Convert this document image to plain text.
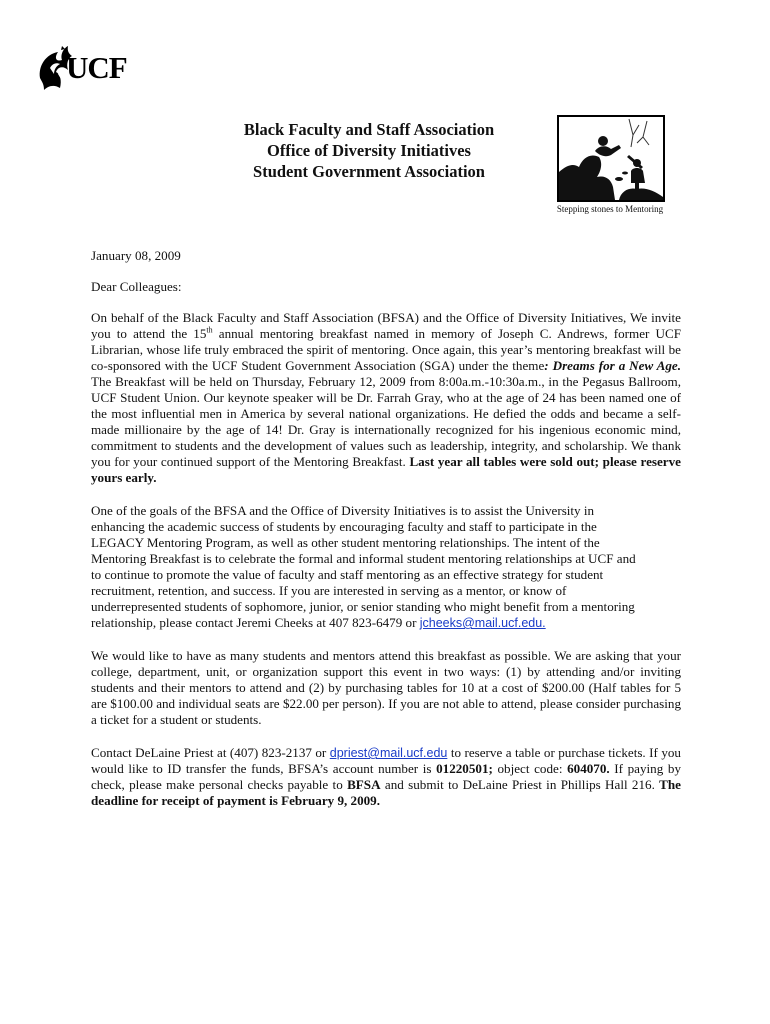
UCF
Black Faculty and Staff Association
Office of Diversity Initiatives
Student Government Association
Stepping stones to Mentoring

January 08, 2009

Dear Colleagues:

On behalf of the Black Faculty and Staff Association (BFSA) and the Office of Diversity Initiatives, We invite you to attend the 15th annual mentoring breakfast named in memory of Joseph C. Andrews, former UCF Librarian, whose life truly embraced the spirit of mentoring. Once again, this year’s mentoring breakfast will be co-sponsored with the UCF Student Government Association (SGA) under the theme: Dreams for a New Age. The Breakfast will be held on Thursday, February 12, 2009 from 8:00a.m.-10:30a.m., in the Pegasus Ballroom, UCF Student Union. Our keynote speaker will be Dr. Farrah Gray, who at the age of 24 has been named one of the most influential men in America by several national organizations. He defied the odds and became a self-made millionaire by the age of 14! Dr. Gray is internationally recognized for his ingenious economic mind, commitment to students and the development of values such as leadership, integrity, and scholarship. We thank you for your continued support of the Mentoring Breakfast. Last year all tables were sold out; please reserve yours early.

One of the goals of the BFSA and the Office of Diversity Initiatives is to assist the University in
enhancing the academic success of students by encouraging faculty and staff to participate in the
LEGACY Mentoring Program, as well as other student mentoring relationships. The intent of the
Mentoring Breakfast is to celebrate the formal and informal student mentoring relationships at UCF and
to continue to promote the value of faculty and staff mentoring as an effective strategy for student
recruitment, retention, and success. If you are interested in serving as a mentor, or know of
underrepresented students of sophomore, junior, or senior standing who might benefit from a mentoring
relationship, please contact Jeremi Cheeks at 407 823-6479 or jcheeks@mail.ucf.edu.

We would like to have as many students and mentors attend this breakfast as possible. We are asking that your college, department, unit, or organization support this event in two ways: (1) by attending and/or inviting students and their mentors to attend and (2) by purchasing tables for 10 at a cost of $200.00 (Half tables for 5 are $100.00 and individual seats are $22.00 per person). If you are not able to attend, please consider purchasing a ticket for a student or students.

Contact DeLaine Priest at (407) 823-2137 or dpriest@mail.ucf.edu to reserve a table or purchase tickets. If you would like to ID transfer the funds, BFSA’s account number is 01220501; object code: 604070. If paying by check, please make personal checks payable to BFSA and submit to DeLaine Priest in Phillips Hall 216. The deadline for receipt of payment is February 9, 2009.
